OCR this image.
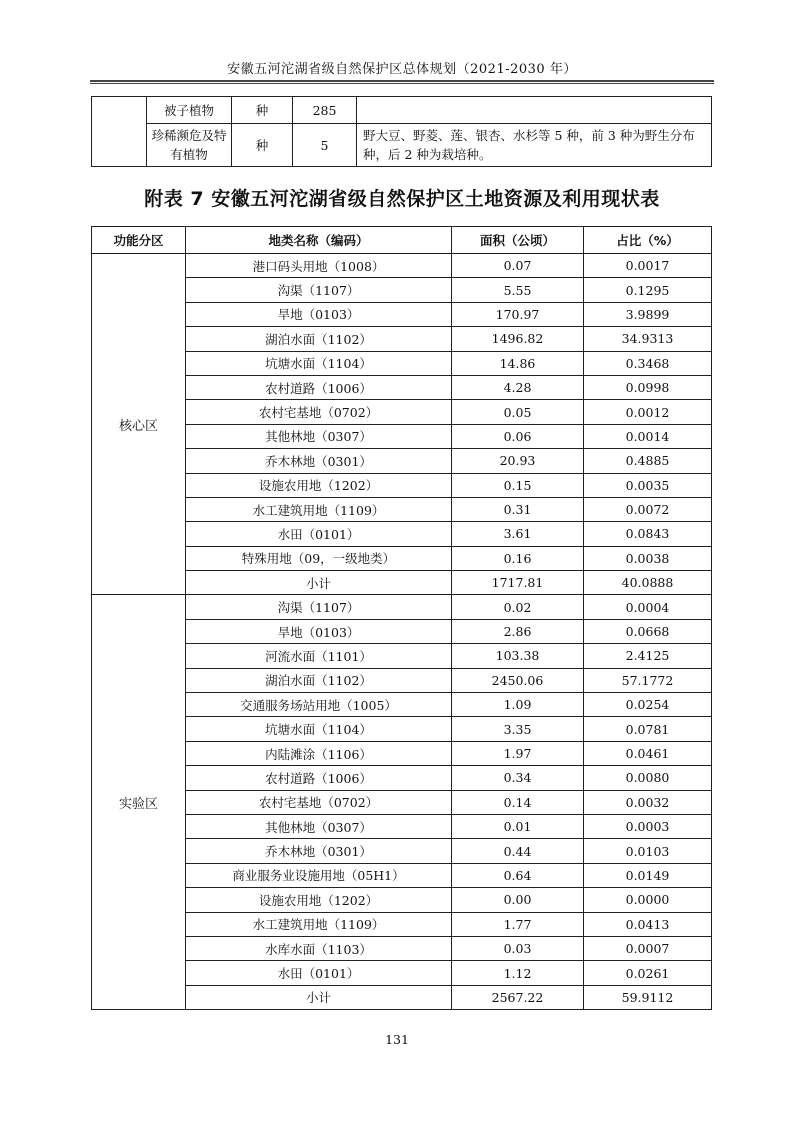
安徽五河沱湖省级自然保护区总体规划（2021-2030 年）
	被子植物	种	285	
	珍稀濒危及特有植物	种	5	野大豆、野菱、莲、银杏、水杉等 5 种，前 3 种为野生分布种，后 2 种为栽培种。
附表 7 安徽五河沱湖省级自然保护区土地资源及利用现状表
功能分区	地类名称（编码）	面积（公顷）	占比（%）
核心区	港口码头用地（1008）	0.07	0.0017
	沟渠（1107）	5.55	0.1295
	旱地（0103）	170.97	3.9899
	湖泊水面（1102）	1496.82	34.9313
	坑塘水面（1104）	14.86	0.3468
	农村道路（1006）	4.28	0.0998
	农村宅基地（0702）	0.05	0.0012
	其他林地（0307）	0.06	0.0014
	乔木林地（0301）	20.93	0.4885
	设施农用地（1202）	0.15	0.0035
	水工建筑用地（1109）	0.31	0.0072
	水田（0101）	3.61	0.0843
	特殊用地（09，一级地类）	0.16	0.0038
	小计	1717.81	40.0888
实验区	沟渠（1107）	0.02	0.0004
	旱地（0103）	2.86	0.0668
	河流水面（1101）	103.38	2.4125
	湖泊水面（1102）	2450.06	57.1772
	交通服务场站用地（1005）	1.09	0.0254
	坑塘水面（1104）	3.35	0.0781
	内陆滩涂（1106）	1.97	0.0461
	农村道路（1006）	0.34	0.0080
	农村宅基地（0702）	0.14	0.0032
	其他林地（0307）	0.01	0.0003
	乔木林地（0301）	0.44	0.0103
	商业服务业设施用地（05H1）	0.64	0.0149
	设施农用地（1202）	0.00	0.0000
	水工建筑用地（1109）	1.77	0.0413
	水库水面（1103）	0.03	0.0007
	水田（0101）	1.12	0.0261
	小计	2567.22	59.9112
131
